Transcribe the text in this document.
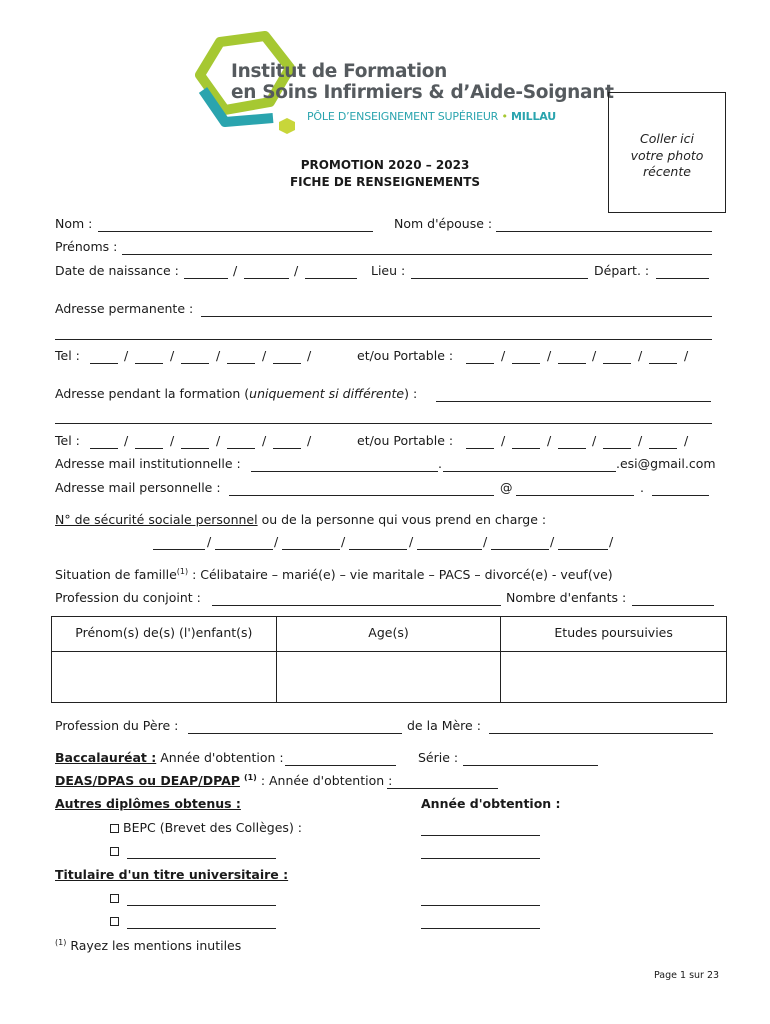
Institut de Formation
en Soins Infirmiers & d’Aide-Soignant
PÔLE D’ENSEIGNEMENT SUPÉRIEUR • MILLAU
Coller ici
votre photo
récente
PROMOTION 2020 – 2023
FICHE DE RENSEIGNEMENTS
Nom :	Nom d'épouse :
Prénoms :
Date de naissance :	/	/	Lieu :	Départ. :
Adresse permanente :
Tel :	/	/	/	/	/	et/ou Portable :	/	/	/	/	/
Adresse pendant la formation (uniquement si différente) :
Tel :	/	/	/	/	/	et/ou Portable :	/	/	/	/	/
Adresse mail institutionnelle :	.	.esi@gmail.com
Adresse mail personnelle :	@	.
N° de sécurité sociale personnel ou de la personne qui vous prend en charge :
/	/	/	/	/	/	/
Situation de famille$^{(1)}$ : Célibataire – marié(e) – vie maritale – PACS – divorcé(e) - veuf(ve)
Profession du conjoint :	Nombre d'enfants :
Prénom(s) de(s) (l')enfant(s)	Age(s)	Etudes poursuivies

Profession du Père :	de la Mère :
Baccalauréat : Année d'obtention :	Série :
DEAS/DPAS ou DEAP/DPAP $^{(1)}$ : Année d'obtention :
Autres diplômes obtenus :	Année d'obtention :
BEPC (Brevet des Collèges) :
Titulaire d'un titre universitaire :
$^{(1)}$ Rayez les mentions inutiles
Page 1 sur 23
